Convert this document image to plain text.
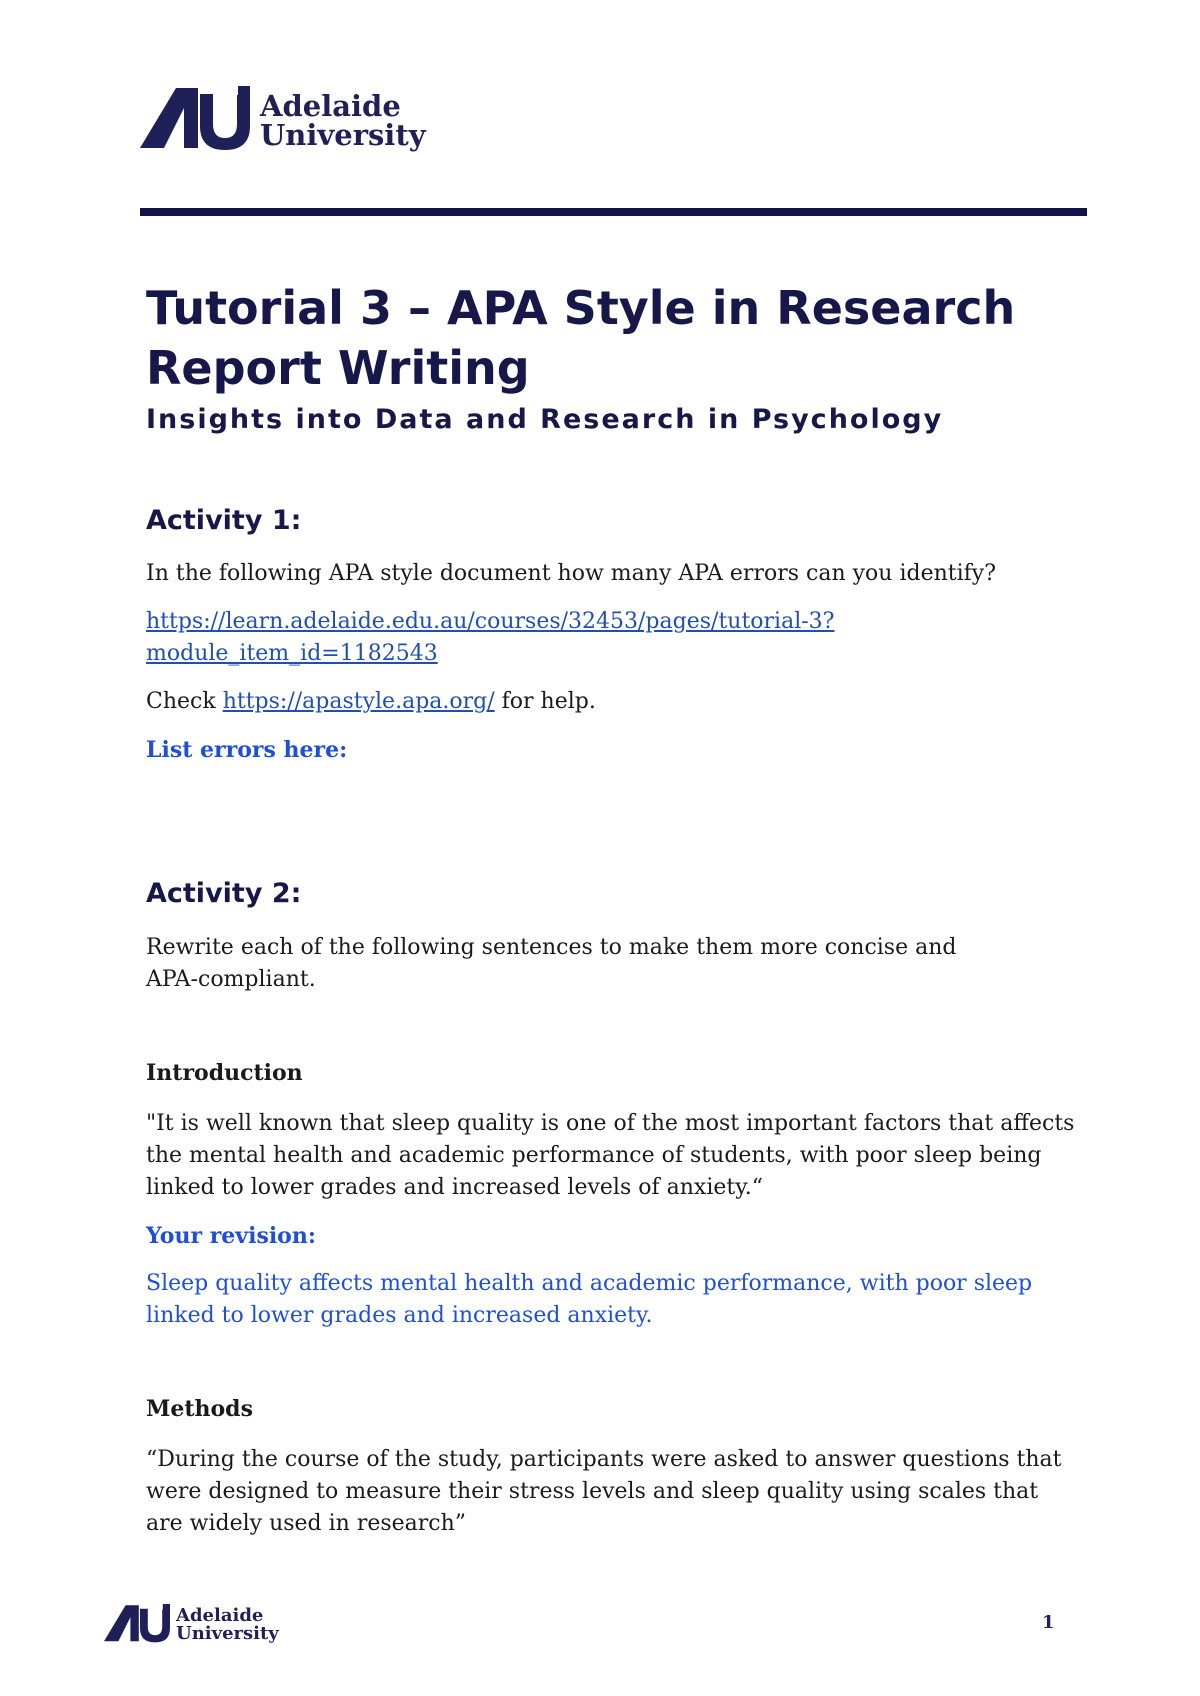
Adelaide
University
Tutorial 3 – APA Style in Research Report Writing
Insights into Data and Research in Psychology
Activity 1:
In the following APA style document how many APA errors can you identify?
https://learn.adelaide.edu.au/courses/32453/pages/tutorial-3?
module_item_id=1182543
Check https://apastyle.apa.org/ for help.
List errors here:
Activity 2:
Rewrite each of the following sentences to make them more concise and APA-compliant.
Introduction
"It is well known that sleep quality is one of the most important factors that affects the mental health and academic performance of students, with poor sleep being linked to lower grades and increased levels of anxiety.“
Your revision:
Sleep quality affects mental health and academic performance, with poor sleep linked to lower grades and increased anxiety.
Methods
“During the course of the study, participants were asked to answer questions that were designed to measure their stress levels and sleep quality using scales that are widely used in research”
Adelaide
University
1
